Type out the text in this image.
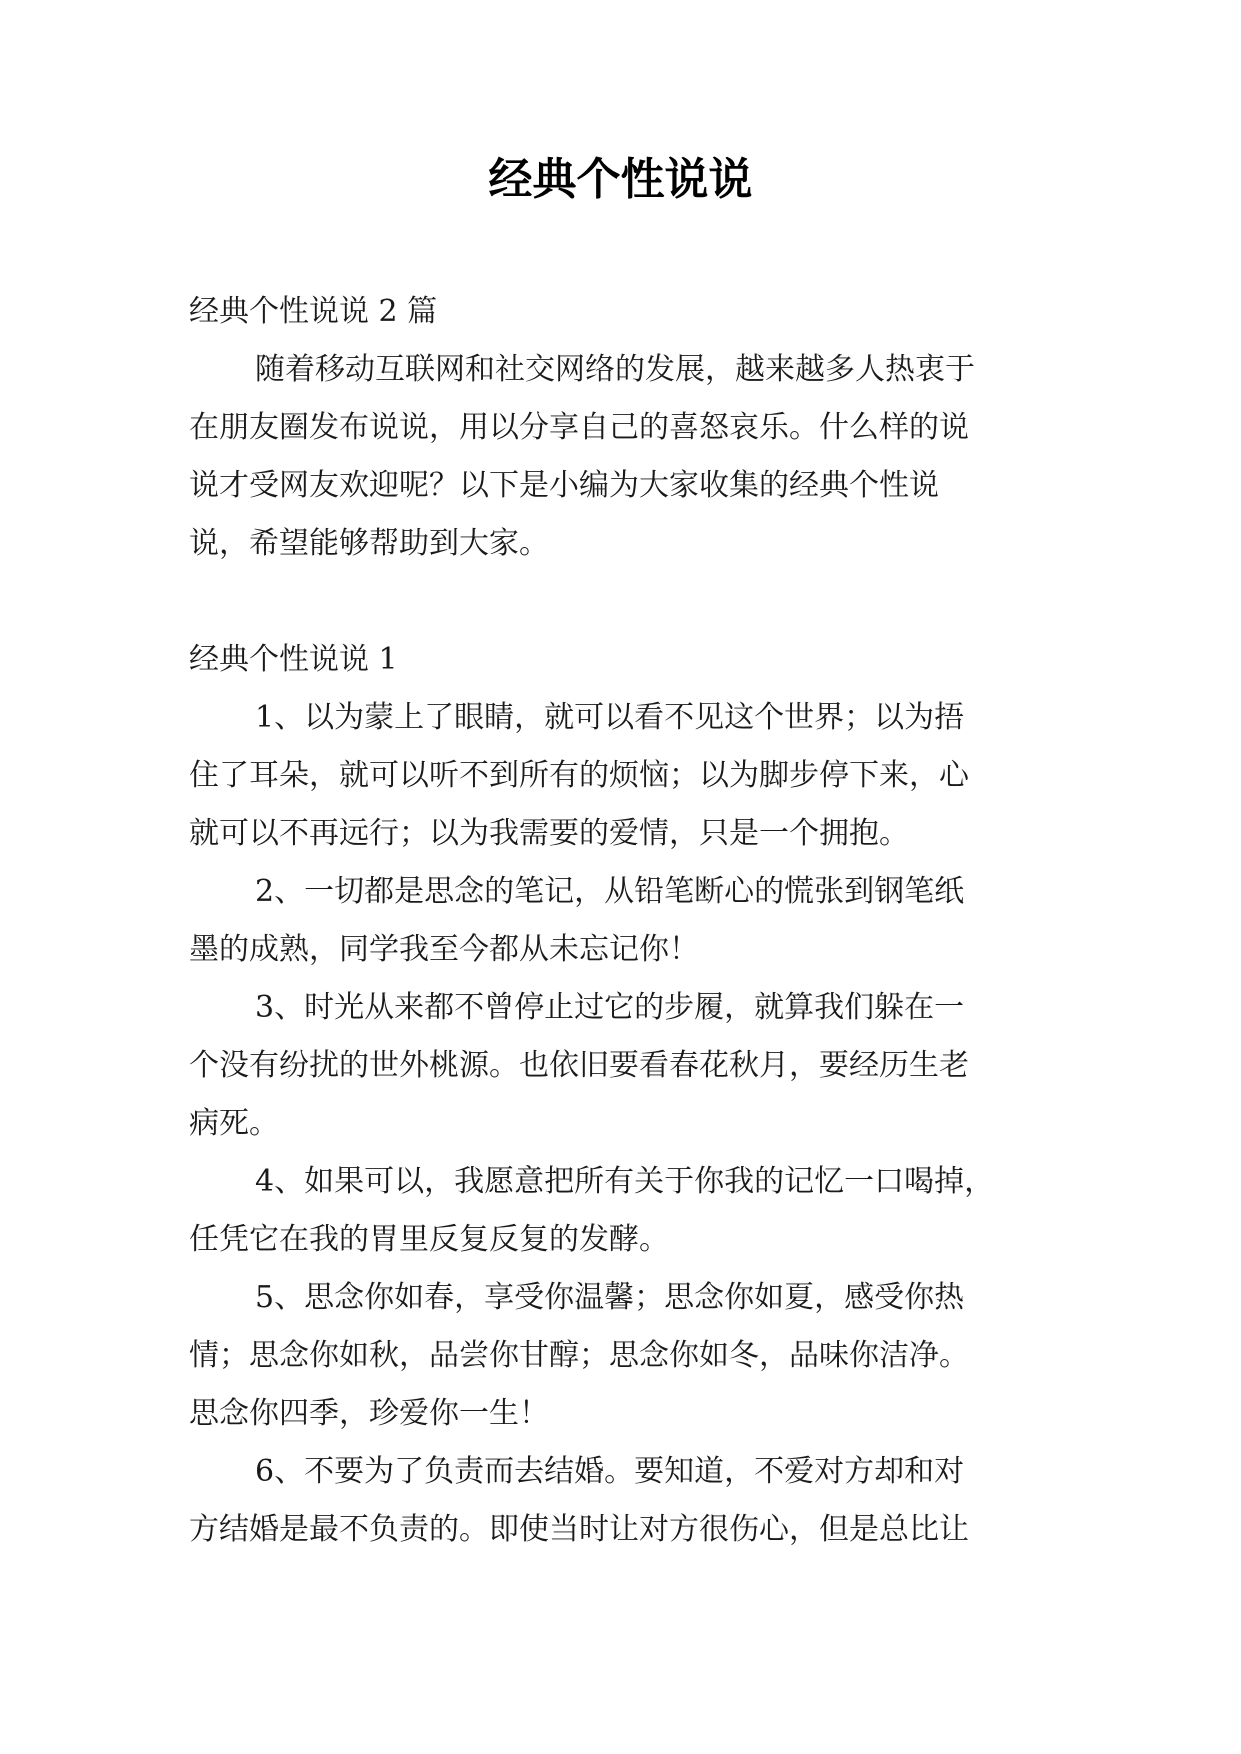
经典个性说说

经典个性说说 2 篇

随着移动互联网和社交网络的发展，越来越多人热衷于

在朋友圈发布说说，用以分享自己的喜怒哀乐。什么样的说

说才受网友欢迎呢？以下是小编为大家收集的经典个性说

说，希望能够帮助到大家。

经典个性说说 1

1、以为蒙上了眼睛，就可以看不见这个世界；以为捂

住了耳朵，就可以听不到所有的烦恼；以为脚步停下来，心

就可以不再远行；以为我需要的爱情，只是一个拥抱。

2、一切都是思念的笔记，从铅笔断心的慌张到钢笔纸

墨的成熟，同学我至今都从未忘记你！

3、时光从来都不曾停止过它的步履，就算我们躲在一

个没有纷扰的世外桃源。也依旧要看春花秋月，要经历生老

病死。

4、如果可以，我愿意把所有关于你我的记忆一口喝掉，

任凭它在我的胃里反复反复的发酵。

5、思念你如春，享受你温馨；思念你如夏，感受你热

情；思念你如秋，品尝你甘醇；思念你如冬，品味你洁净。

思念你四季，珍爱你一生！

6、不要为了负责而去结婚。要知道，不爱对方却和对

方结婚是最不负责的。即使当时让对方很伤心，但是总比让
